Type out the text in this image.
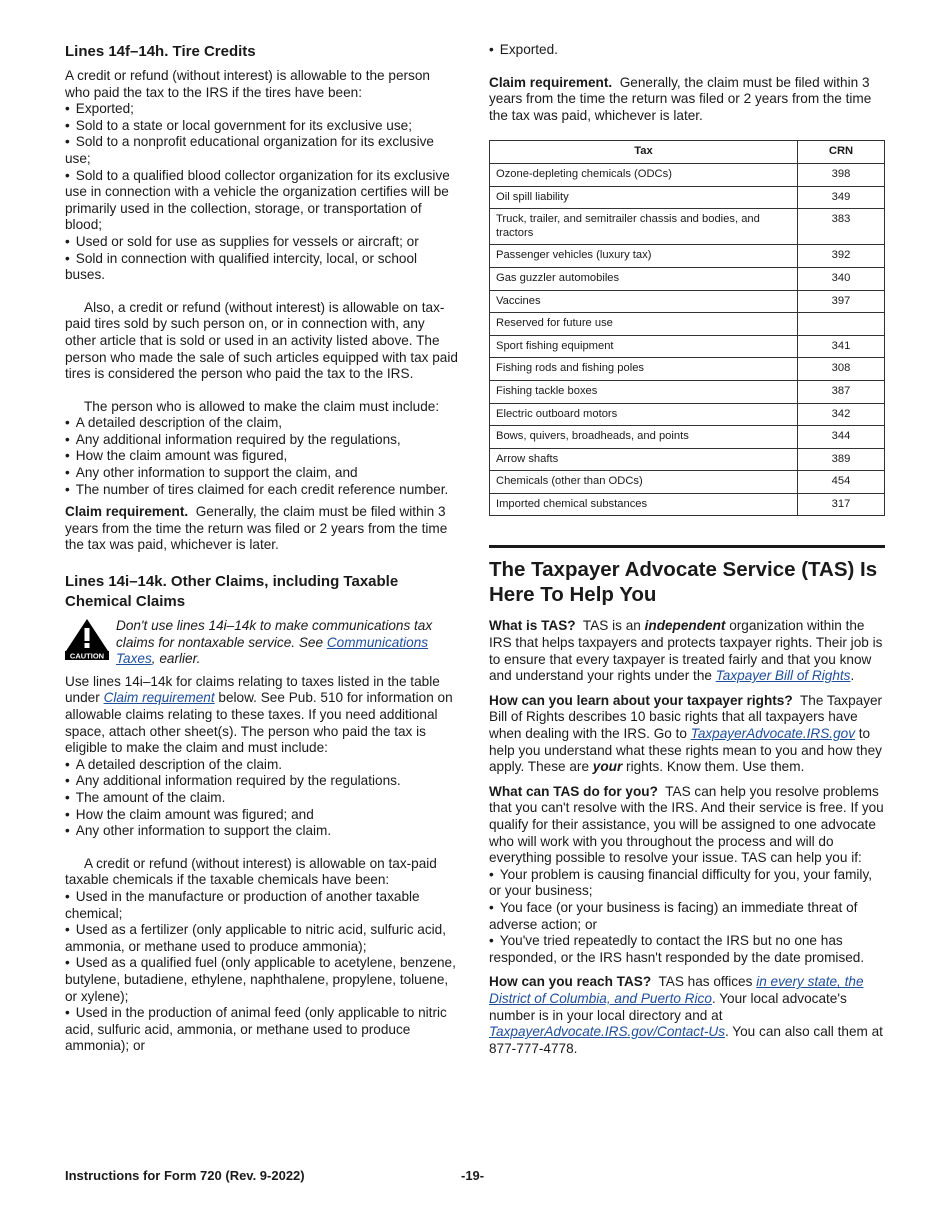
Lines 14f–14h. Tire Credits

A credit or refund (without interest) is allowable to the person who paid the tax to the IRS if the tires have been:

• Exported;
• Sold to a state or local government for its exclusive use;
• Sold to a nonprofit educational organization for its exclusive use;
• Sold to a qualified blood collector organization for its exclusive use in connection with a vehicle the organization certifies will be primarily used in the collection, storage, or transportation of blood;
• Used or sold for use as supplies for vessels or aircraft; or
• Sold in connection with qualified intercity, local, or school buses.

Also, a credit or refund (without interest) is allowable on tax-paid tires sold by such person on, or in connection with, any other article that is sold or used in an activity listed above. The person who made the sale of such articles equipped with tax paid tires is considered the person who paid the tax to the IRS.

The person who is allowed to make the claim must include:

• A detailed description of the claim,
• Any additional information required by the regulations,
• How the claim amount was figured,
• Any other information to support the claim, and
• The number of tires claimed for each credit reference number.

Claim requirement. Generally, the claim must be filed within 3 years from the time the return was filed or 2 years from the time the tax was paid, whichever is later.

Lines 14i–14k. Other Claims, including Taxable Chemical Claims
CAUTION
Don't use lines 14i–14k to make communications tax claims for nontaxable service. See Communications Taxes, earlier.

Use lines 14i–14k for claims relating to taxes listed in the table under Claim requirement below. See Pub. 510 for information on allowable claims relating to these taxes. If you need additional space, attach other sheet(s). The person who paid the tax is eligible to make the claim and must include:

• A detailed description of the claim.
• Any additional information required by the regulations.
• The amount of the claim.
• How the claim amount was figured; and
• Any other information to support the claim.

A credit or refund (without interest) is allowable on tax-paid taxable chemicals if the taxable chemicals have been:

• Used in the manufacture or production of another taxable chemical;
• Used as a fertilizer (only applicable to nitric acid, sulfuric acid, ammonia, or methane used to produce ammonia);
• Used as a qualified fuel (only applicable to acetylene, benzene, butylene, butadiene, ethylene, naphthalene, propylene, toluene, or xylene);
• Used in the production of animal feed (only applicable to nitric acid, sulfuric acid, ammonia, or methane used to produce ammonia); or
• Exported.

Claim requirement. Generally, the claim must be filed within 3 years from the time the return was filed or 2 years from the time the tax was paid, whichever is later.

Tax	CRN
Ozone-depleting chemicals (ODCs)	398
Oil spill liability	349
Truck, trailer, and semitrailer chassis and bodies, and tractors	383
Passenger vehicles (luxury tax)	392
Gas guzzler automobiles	340
Vaccines	397
Reserved for future use	
Sport fishing equipment	341
Fishing rods and fishing poles	308
Fishing tackle boxes	387
Electric outboard motors	342
Bows, quivers, broadheads, and points	344
Arrow shafts	389
Chemicals (other than ODCs)	454
Imported chemical substances	317
The Taxpayer Advocate Service (TAS) Is Here To Help You

What is TAS? TAS is an independent organization within the IRS that helps taxpayers and protects taxpayer rights. Their job is to ensure that every taxpayer is treated fairly and that you know and understand your rights under the Taxpayer Bill of Rights.

How can you learn about your taxpayer rights? The Taxpayer Bill of Rights describes 10 basic rights that all taxpayers have when dealing with the IRS. Go to TaxpayerAdvocate.IRS.gov to help you understand what these rights mean to you and how they apply. These are your rights. Know them. Use them.

What can TAS do for you? TAS can help you resolve problems that you can't resolve with the IRS. And their service is free. If you qualify for their assistance, you will be assigned to one advocate who will work with you throughout the process and will do everything possible to resolve your issue. TAS can help you if:

• Your problem is causing financial difficulty for you, your family, or your business;
• You face (or your business is facing) an immediate threat of adverse action; or
• You've tried repeatedly to contact the IRS but no one has responded, or the IRS hasn't responded by the date promised.

How can you reach TAS? TAS has offices in every state, the District of Columbia, and Puerto Rico. Your local advocate's number is in your local directory and at TaxpayerAdvocate.IRS.gov/Contact-Us. You can also call them at 877-777-4778.

Instructions for Form 720 (Rev. 9-2022)	-19-
